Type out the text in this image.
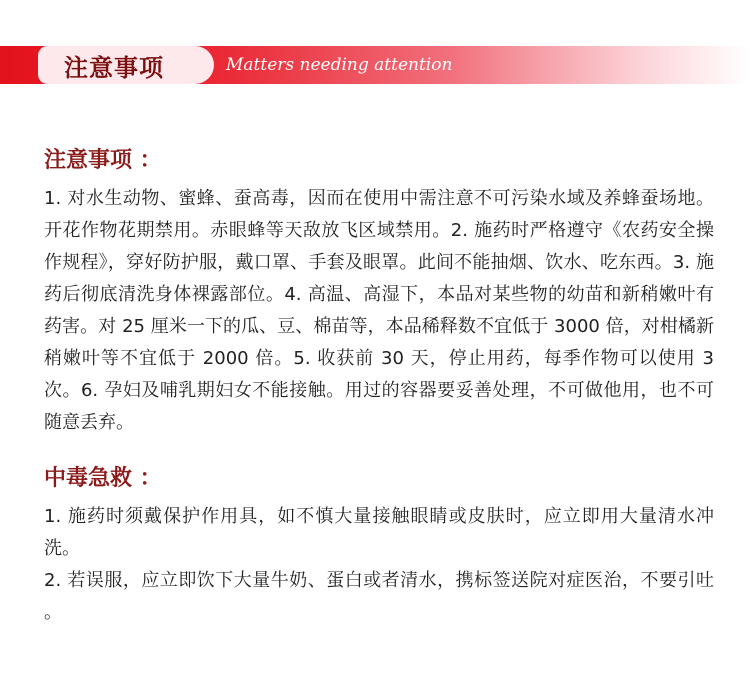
注意事项	Matters needing attention
注意事项 ：

1. 对水生动物、蜜蜂、蚕高毒，因而在使用中需注意不可污染水域及养蜂蚕场地。开花作物花期禁用。赤眼蜂等天敌放飞区域禁用。2. 施药时严格遵守《农药安全操作规程》，穿好防护服，戴口罩、手套及眼罩。此间不能抽烟、饮水、吃东西。3. 施药后彻底清洗身体裸露部位。4. 高温、高湿下，本品对某些物的幼苗和新稍嫩叶有药害。对 25 厘米一下的瓜、豆、棉苗等，本品稀释数不宜低于 3000 倍，对柑橘新稍嫩叶等不宜低于 2000 倍。5. 收获前 30 天，停止用药，每季作物可以使用 3 次。6. 孕妇及哺乳期妇女不能接触。用过的容器要妥善处理，不可做他用，也不可随意丢弃。

中毒急救 ：

1. 施药时须戴保护作用具，如不慎大量接触眼睛或皮肤时，应立即用大量清水冲洗。

2. 若误服，应立即饮下大量牛奶、蛋白或者清水，携标签送院对症医治，不要引吐 。
